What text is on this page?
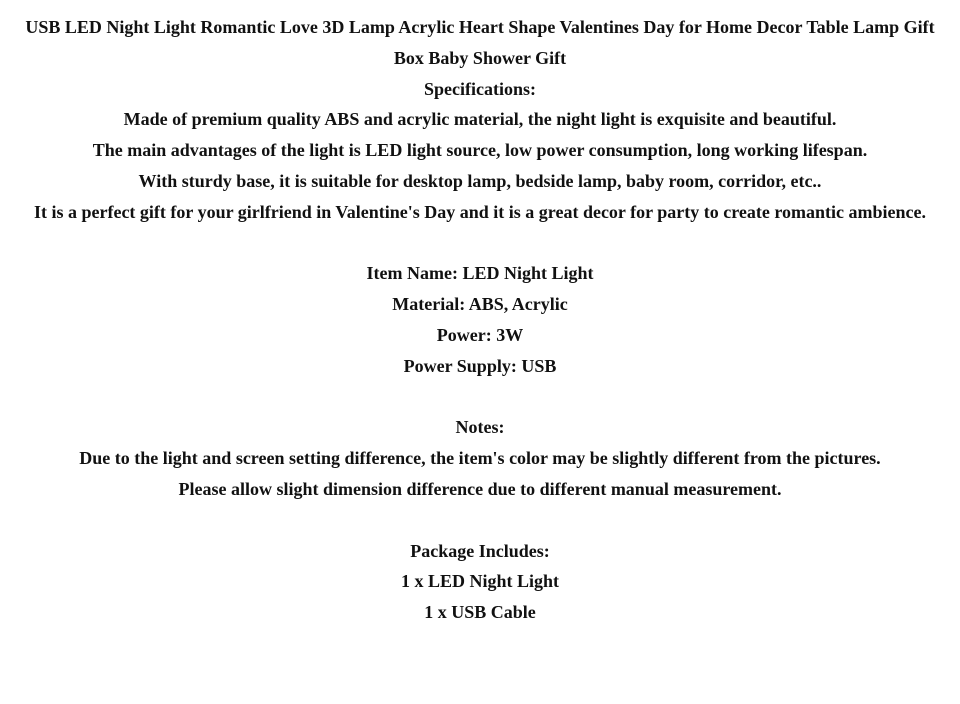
USB LED Night Light Romantic Love 3D Lamp Acrylic Heart Shape Valentines Day for Home Decor Table Lamp Gift Box Baby Shower Gift
Specifications:
Made of premium quality ABS and acrylic material, the night light is exquisite and beautiful.
The main advantages of the light is LED light source, low power consumption, long working lifespan.
With sturdy base, it is suitable for desktop lamp, bedside lamp, baby room, corridor, etc..
It is a perfect gift for your girlfriend in Valentine's Day and it is a great decor for party to create romantic ambience.
Item Name: LED Night Light
Material: ABS, Acrylic
Power: 3W
Power Supply: USB
Notes:
Due to the light and screen setting difference, the item's color may be slightly different from the pictures.
Please allow slight dimension difference due to different manual measurement.
Package Includes:
1 x LED Night Light
1 x USB Cable
